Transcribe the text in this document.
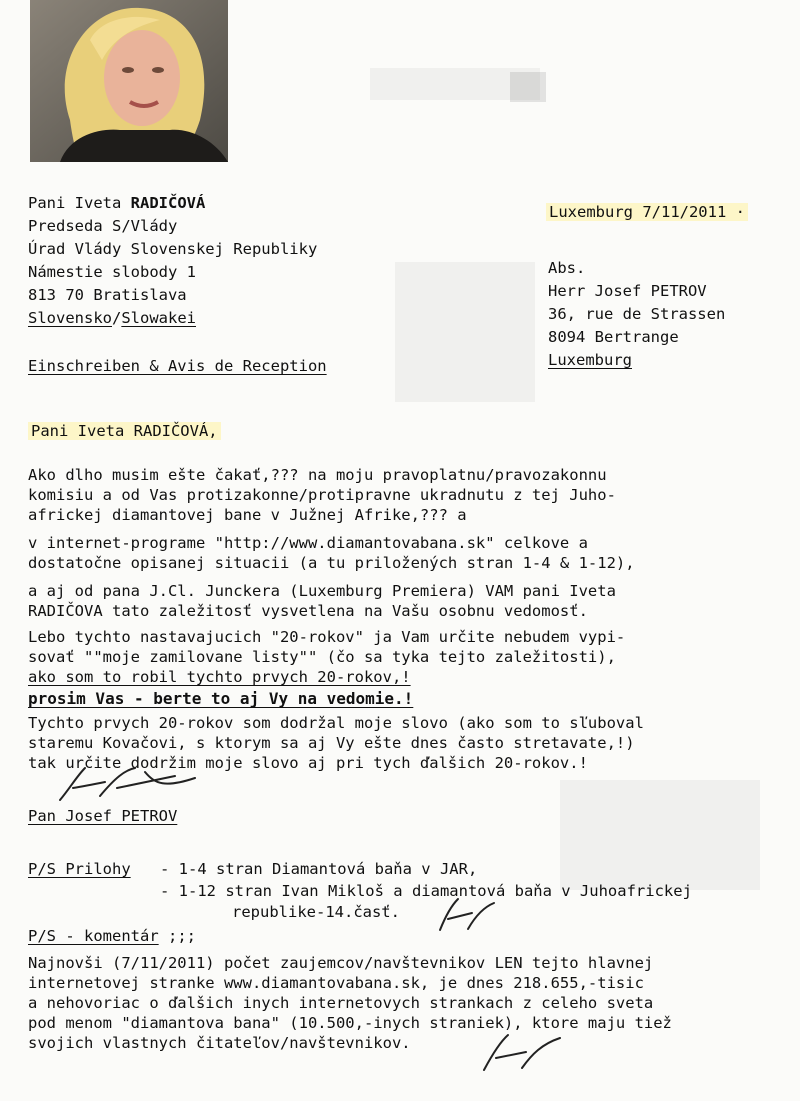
Pani Iveta RADIČOVÁ
Predseda S/Vlády
Úrad Vlády Slovenskej Republiky
Námestie slobody 1
813 70 Bratislava
Slovensko/Slowakei
Luxemburg 7/11/2011 ·
Abs.
Herr Josef PETROV
36, rue de Strassen
8094 Bertrange
Luxemburg
Einschreiben & Avis de Reception
Pani Iveta RADIČOVÁ,
Ako dlho musim ešte čakať,??? na moju pravoplatnu/pravozakonnu
komisiu a od Vas protizakonne/protipravne ukradnutu z tej Juho-
africkej diamantovej bane v Južnej Afrike,??? a
v internet-programe "http://www.diamantovabana.sk" celkove a
dostatočne opisanej situacii (a tu priložených stran 1-4 & 1-12),
a aj od pana J.Cl. Junckera (Luxemburg Premiera) VAM pani Iveta
RADIČOVA tato zaležitosť vysvetlena na Vašu osobnu vedomosť.
Lebo tychto nastavajucich "20-rokov" ja Vam určite nebudem vypi-
sovať ""moje zamilovane listy"" (čo sa tyka tejto zaležitosti),
ako som to robil tychto prvych 20-rokov,!
prosim Vas - berte to aj Vy na vedomie.!
Tychto prvych 20-rokov som dodržal moje slovo (ako som to sľuboval
staremu Kovačovi, s ktorym sa aj Vy ešte dnes často stretavate,!)
tak určite dodržim moje slovo aj pri tych ďalšich 20-rokov.!
Pan Josef PETROV
P/S Prilohy - 1-4 stran Diamantová baňa v JAR,
- 1-12 stran Ivan Mikloš a diamantová baňa v Juhoafrickej
republike-14.časť.
P/S - komentár ;;;
Najnovši (7/11/2011) počet zaujemcov/navštevnikov LEN tejto hlavnej
internetovej stranke www.diamantovabana.sk, je dnes 218.655,-tisic
a nehovoriac o ďalšich inych internetovych strankach z celeho sveta
pod menom "diamantova bana" (10.500,-inych straniek), ktore maju tiež
svojich vlastnych čitateľov/navštevnikov.
